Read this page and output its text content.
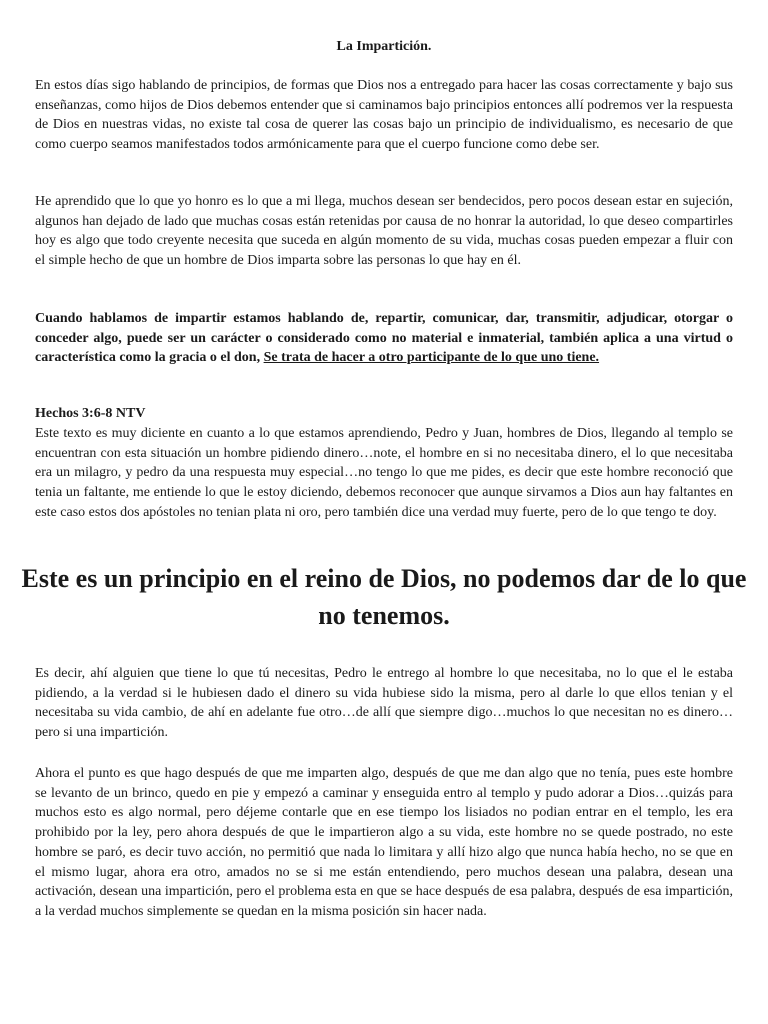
La Impartición.

En estos días sigo hablando de principios, de formas que Dios nos a entregado para hacer las cosas correctamente y bajo sus enseñanzas, como hijos de Dios debemos entender que si caminamos bajo principios entonces allí podremos ver la respuesta de Dios en nuestras vidas, no existe tal cosa de querer las cosas bajo un principio de individualismo, es necesario de que como cuerpo seamos manifestados todos armónicamente para que el cuerpo funcione como debe ser.

He aprendido que lo que yo honro es lo que a mi llega, muchos desean ser bendecidos, pero pocos desean estar en sujeción, algunos han dejado de lado que muchas cosas están retenidas por causa de no honrar la autoridad, lo que deseo compartirles hoy es algo que todo creyente necesita que suceda en algún momento de su vida, muchas cosas pueden empezar a fluir con el simple hecho de que un hombre de Dios imparta sobre las personas lo que hay en él.

Cuando hablamos de impartir estamos hablando de, repartir, comunicar, dar, transmitir, adjudicar, otorgar o conceder algo, puede ser un carácter o considerado como no material e inmaterial, también aplica a una virtud o característica como la gracia o el don, Se trata de hacer a otro participante de lo que uno tiene.

Hechos 3:6-8 NTV

Este texto es muy diciente en cuanto a lo que estamos aprendiendo, Pedro y Juan, hombres de Dios, llegando al templo se encuentran con esta situación un hombre pidiendo dinero…note, el hombre en si no necesitaba dinero, el lo que necesitaba era un milagro, y pedro da una respuesta muy especial…no tengo lo que me pides, es decir que este hombre reconoció que tenia un faltante, me entiende lo que le estoy diciendo, debemos reconocer que aunque sirvamos a Dios aun hay faltantes en este caso estos dos apóstoles no tenian plata ni oro, pero también dice una verdad muy fuerte, pero de lo que tengo te doy.

Este es un principio en el reino de Dios, no podemos dar de lo que no tenemos.

Es decir, ahí alguien que tiene lo que tú necesitas, Pedro le entrego al hombre lo que necesitaba, no lo que el le estaba pidiendo, a la verdad si le hubiesen dado el dinero su vida hubiese sido la misma, pero al darle lo que ellos tenian y el necesitaba su vida cambio, de ahí en adelante fue otro…de allí que siempre digo…muchos lo que necesitan no es dinero…pero si una impartición.

Ahora el punto es que hago después de que me imparten algo, después de que me dan algo que no tenía, pues este hombre se levanto de un brinco, quedo en pie y empezó a caminar y enseguida entro al templo y pudo adorar a Dios…quizás para muchos esto es algo normal, pero déjeme contarle que en ese tiempo los lisiados no podian entrar en el templo, les era prohibido por la ley, pero ahora después de que le impartieron algo a su vida, este hombre no se quede postrado, no este hombre se paró, es decir tuvo acción, no permitió que nada lo limitara y allí hizo algo que nunca había hecho, no se que en el mismo lugar, ahora era otro, amados no se si me están entendiendo, pero muchos desean una palabra, desean una activación, desean una impartición, pero el problema esta en que se hace después de esa palabra, después de esa impartición, a la verdad muchos simplemente se quedan en la misma posición sin hacer nada.
